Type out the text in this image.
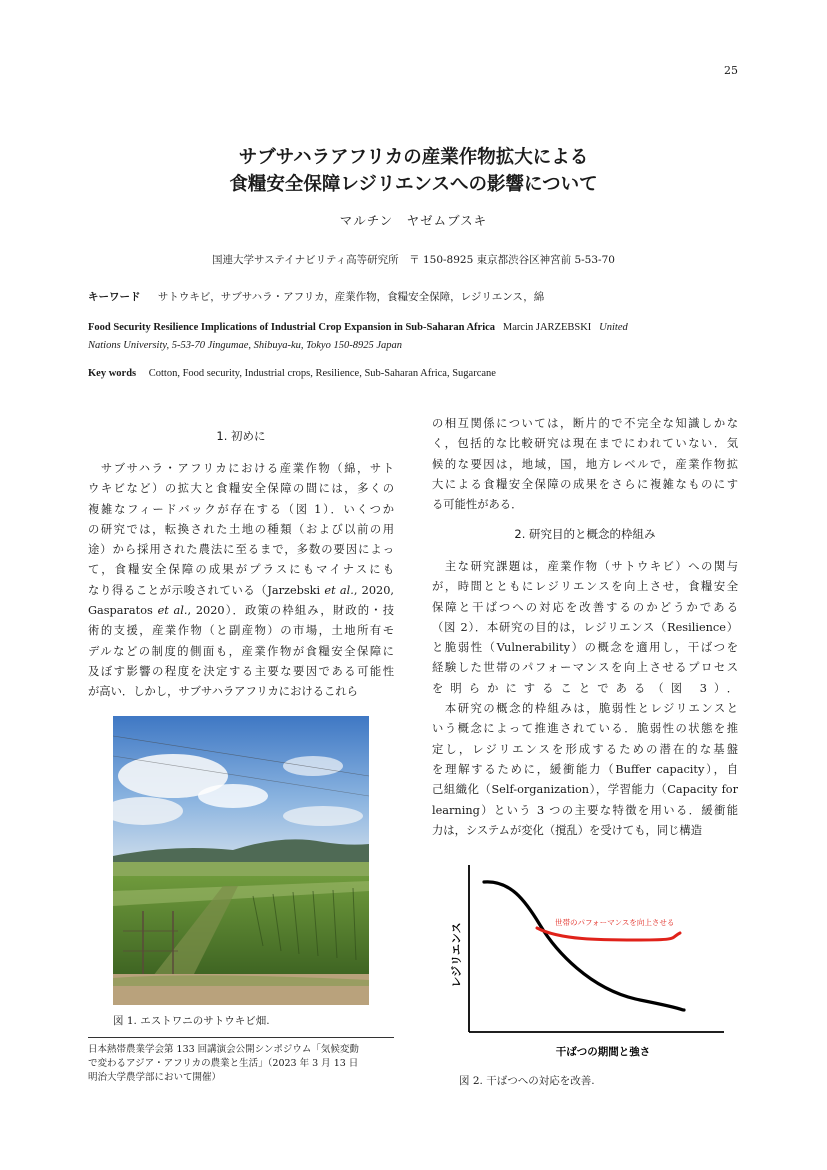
25
サブサハラアフリカの産業作物拡大による
食糧安全保障レジリエンスへの影響について
マルチン　ヤゼムブスキ
国連大学サステイナビリティ高等研究所　〒 150-8925 東京都渋谷区神宮前 5-53-70
キーワード サトウキビ，サブサハラ・アフリカ，産業作物，食糧安全保障，レジリエンス，綿
Food Security Resilience Implications of Industrial Crop Expansion in Sub-Saharan Africa Marcin JARZEBSKI United
Nations University, 5-53-70 Jingumae, Shibuya-ku, Tokyo 150-8925 Japan
Key words Cotton, Food security, Industrial crops, Resilience, Sub-Saharan Africa, Sugarcane
1. 初めに
　サブサハラ・アフリカにおける産業作物（綿，サト
ウキビなど）の拡大と食糧安全保障の間には，多くの
複雑なフィードバックが存在する（図 1）．いくつか
の研究では，転換された土地の種類（および以前の用
途）から採用された農法に至るまで，多数の要因によっ
て，食糧安全保障の成果がプラスにもマイナスにも
なり得ることが示唆されている（Jarzebski et al., 2020,
Gasparatos et al., 2020）．政策の枠組み，財政的・技
術的支援，産業作物（と副産物）の市場，土地所有モ
デルなどの制度的側面も，産業作物が食糧安全保障に
及ぼす影響の程度を決定する主要な要因である可能性
が高い．しかし，サブサハラアフリカにおけるこれら
の相互関係については，断片的で不完全な知識しかな
く，包括的な比較研究は現在までにわれていない．気
候的な要因は，地域，国，地方レベルで，産業作物拡
大による食糧安全保障の成果をさらに複雑なものにす
る可能性がある．
2. 研究目的と概念的枠組み
　主な研究課題は，産業作物（サトウキビ）への関与
が，時間とともにレジリエンスを向上させ，食糧安全
保障と干ばつへの対応を改善するのかどうかである
（図 2）．本研究の目的は，レジリエンス（Resilience）
と脆弱性（Vulnerability）の概念を適用し，干ばつを
経験した世帯のパフォーマンスを向上させるプロセス
を明らかにすることである（図 3）．
　本研究の概念的枠組みは，脆弱性とレジリエンスと
いう概念によって推進されている．脆弱性の状態を推
定し，レジリエンスを形成するための潜在的な基盤
を理解するために，緩衝能力（Buffer capacity），自
己組織化（Self-organization），学習能力（Capacity for
learning）という 3 つの主要な特徴を用いる．緩衝能
力は，システムが変化（撹乱）を受けても，同じ構造
図 1. エストワニのサトウキビ畑.
日本熱帯農業学会第 133 回講演会公開シンポジウム「気候変動
で変わるアジア・アフリカの農業と生活」（2023 年 3 月 13 日
明治大学農学部において開催）
世帯のパフォーマンスを向上させる
レジリエンス
干ばつの期間と強さ
図 2. 干ばつへの対応を改善.
